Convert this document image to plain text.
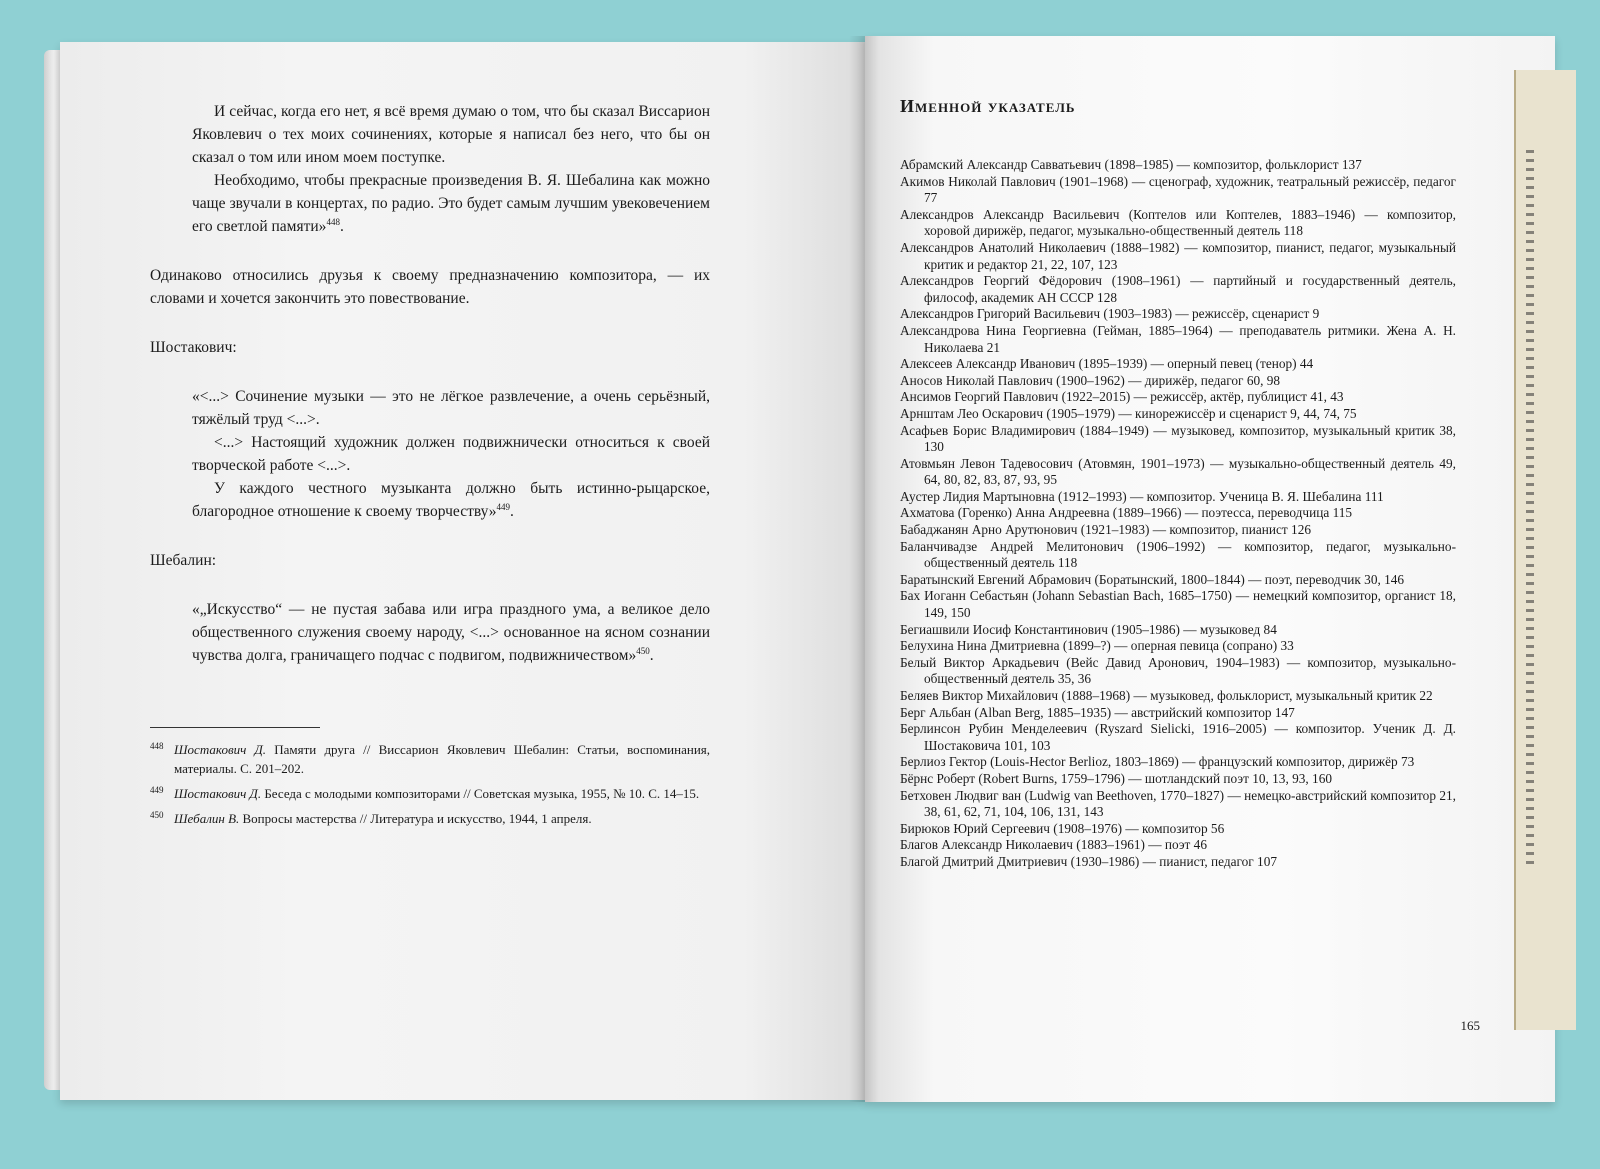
И сейчас, когда его нет, я всё время думаю о том, что бы сказал Виссарион Яковлевич о тех моих сочинениях, которые я написал без него, что бы он сказал о том или ином моем поступке.

Необходимо, чтобы прекрасные произведения В. Я. Шебалина как можно чаще звучали в концертах, по радио. Это будет самым лучшим увековечением его светлой памяти»$^{448}$.

Одинаково относились друзья к своему предназначению композитора, — их словами и хочется закончить это повествование.

Шостакович:

«<...> Сочинение музыки — это не лёгкое развлечение, а очень серьёзный, тяжёлый труд <...>.

<...> Настоящий художник должен подвижнически относиться к своей творческой работе <...>.

У каждого честного музыканта должно быть истинно-рыцарское, благородное отношение к своему творчеству»$^{449}$.

Шебалин:

«„Искусство“ — не пустая забава или игра праздного ума, а великое дело общественного служения своему народу, <...> основанное на ясном сознании чувства долга, граничащего подчас с подвигом, подвижничеством»$^{450}$.

448 Шостакович Д. Памяти друга // Виссарион Яковлевич Шебалин: Статьи, воспоминания, материалы. С. 201–202.
449 Шостакович Д. Беседа с молодыми композиторами // Советская музыка, 1955, № 10. С. 14–15.
450 Шебалин В. Вопросы мастерства // Литература и искусство, 1944, 1 апреля.
Именной указатель

Абрамский Александр Савватьевич (1898–1985) — композитор, фольклорист 137

Акимов Николай Павлович (1901–1968) — сценограф, художник, театральный режиссёр, педагог 77

Александров Александр Васильевич (Коптелов или Коптелев, 1883–1946) — композитор, хоровой дирижёр, педагог, музыкально-общественный деятель 118

Александров Анатолий Николаевич (1888–1982) — композитор, пианист, педагог, музыкальный критик и редактор 21, 22, 107, 123

Александров Георгий Фёдорович (1908–1961) — партийный и государственный деятель, философ, академик АН СССР 128

Александров Григорий Васильевич (1903–1983) — режиссёр, сценарист 9

Александрова Нина Георгиевна (Гейман, 1885–1964) — преподаватель ритмики. Жена А. Н. Николаева 21

Алексеев Александр Иванович (1895–1939) — оперный певец (тенор) 44

Аносов Николай Павлович (1900–1962) — дирижёр, педагог 60, 98

Ансимов Георгий Павлович (1922–2015) — режиссёр, актёр, публицист 41, 43

Арнштам Лео Оскарович (1905–1979) — кинорежиссёр и сценарист 9, 44, 74, 75

Асафьев Борис Владимирович (1884–1949) — музыковед, композитор, музыкальный критик 38, 130

Атовмьян Левон Тадевосович (Атовмян, 1901–1973) — музыкально-общественный деятель 49, 64, 80, 82, 83, 87, 93, 95

Аустер Лидия Мартыновна (1912–1993) — композитор. Ученица В. Я. Шебалина 111

Ахматова (Горенко) Анна Андреевна (1889–1966) — поэтесса, переводчица 115

Бабаджанян Арно Арутюнович (1921–1983) — композитор, пианист 126

Баланчивадзе Андрей Мелитонович (1906–1992) — композитор, педагог, музыкально-общественный деятель 118

Баратынский Евгений Абрамович (Боратынский, 1800–1844) — поэт, переводчик 30, 146

Бах Иоганн Себастьян (Johann Sebastian Bach, 1685–1750) — немецкий композитор, органист 18, 149, 150

Бегиашвили Иосиф Константинович (1905–1986) — музыковед 84

Белухина Нина Дмитриевна (1899–?) — оперная певица (сопрано) 33

Белый Виктор Аркадьевич (Вейс Давид Аронович, 1904–1983) — композитор, музыкально-общественный деятель 35, 36

Беляев Виктор Михайлович (1888–1968) — музыковед, фольклорист, музыкальный критик 22

Берг Альбан (Alban Berg, 1885–1935) — австрийский композитор 147

Берлинсон Рубин Менделеевич (Ryszard Sielicki, 1916–2005) — композитор. Ученик Д. Д. Шостаковича 101, 103

Берлиоз Гектор (Louis-Hector Berlioz, 1803–1869) — французский композитор, дирижёр 73

Бёрнс Роберт (Robert Burns, 1759–1796) — шотландский поэт 10, 13, 93, 160

Бетховен Людвиг ван (Ludwig van Beethoven, 1770–1827) — немецко-австрийский композитор 21, 38, 61, 62, 71, 104, 106, 131, 143

Бирюков Юрий Сергеевич (1908–1976) — композитор 56

Благов Александр Николаевич (1883–1961) — поэт 46

Благой Дмитрий Дмитриевич (1930–1986) — пианист, педагог 107

165
